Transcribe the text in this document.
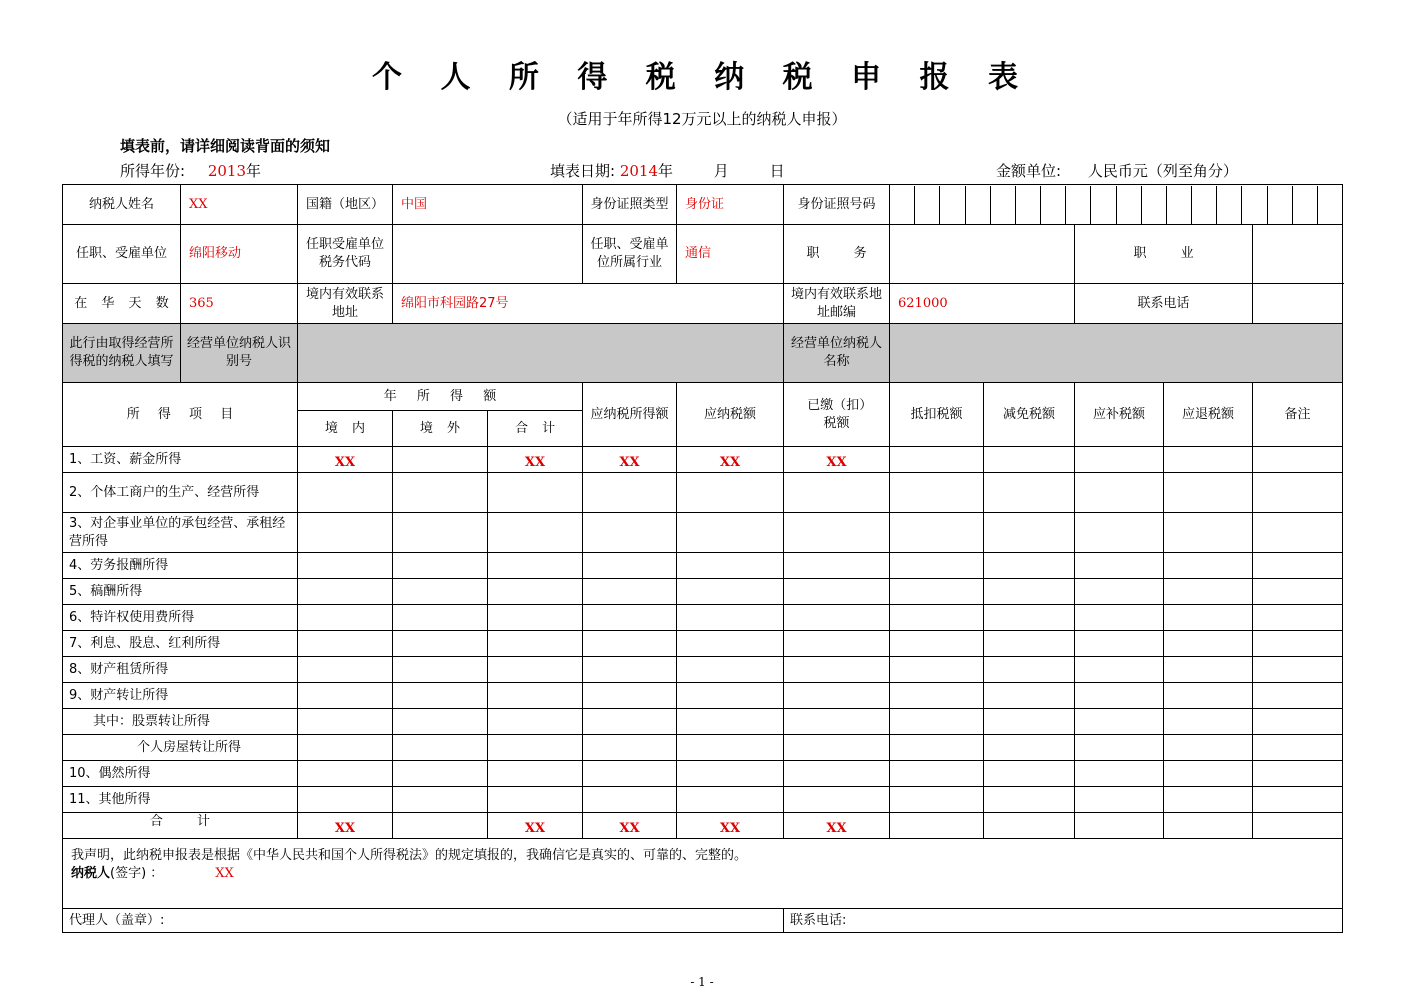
个 人 所 得 税 纳 税 申 报 表
（适用于年所得12万元以上的纳税人申报）
填表前，请详细阅读背面的须知
所得年份: 2013年	填表日期: 2014年 月 日	金额单位: 人民币元（列至角分）
纳税人姓名	XX	国籍（地区）	中国		身份证照类型	身份证	身份证照号码					

任职、受雇单位	绵阳移动	任职受雇单位税务代码			任职、受雇单位所属行业	通信	职 务			职 业		
在 华 天 数	365	境内有效联系地址	绵阳市科园路27号				境内有效联系地址邮编	621000		联系电话		
此行由取得经营所得税的纳税人填写	经营单位纳税人识别号						经营单位纳税人名称					
所 得 项 目		年 所 得 额			应纳税所得额	应纳税额	已缴（扣）税额	抵扣税额	减免税额	应补税额	应退税额	备注
		境 内	境 外	合 计								
1、工资、薪金所得		XX		XX	XX	XX	XX					
2、个体工商户的生产、经营所得												
3、对企事业单位的承包经营、承租经营所得												
4、劳务报酬所得												
5、稿酬所得												
6、特许权使用费所得												
7、利息、股息、红利所得												
8、财产租赁所得												
9、财产转让所得												
其中：股票转让所得												
个人房屋转让所得												
10、偶然所得												
11、其他所得												
合 计		XX		XX	XX	XX	XX					

我声明，此纳税申报表是根据《中华人民共和国个人所得税法》的规定填报的，我确信它是真实的、可靠的、完整的。
纳税人(签字) ： XX												

代理人（盖章）:							联系电话:					
- 1 -
